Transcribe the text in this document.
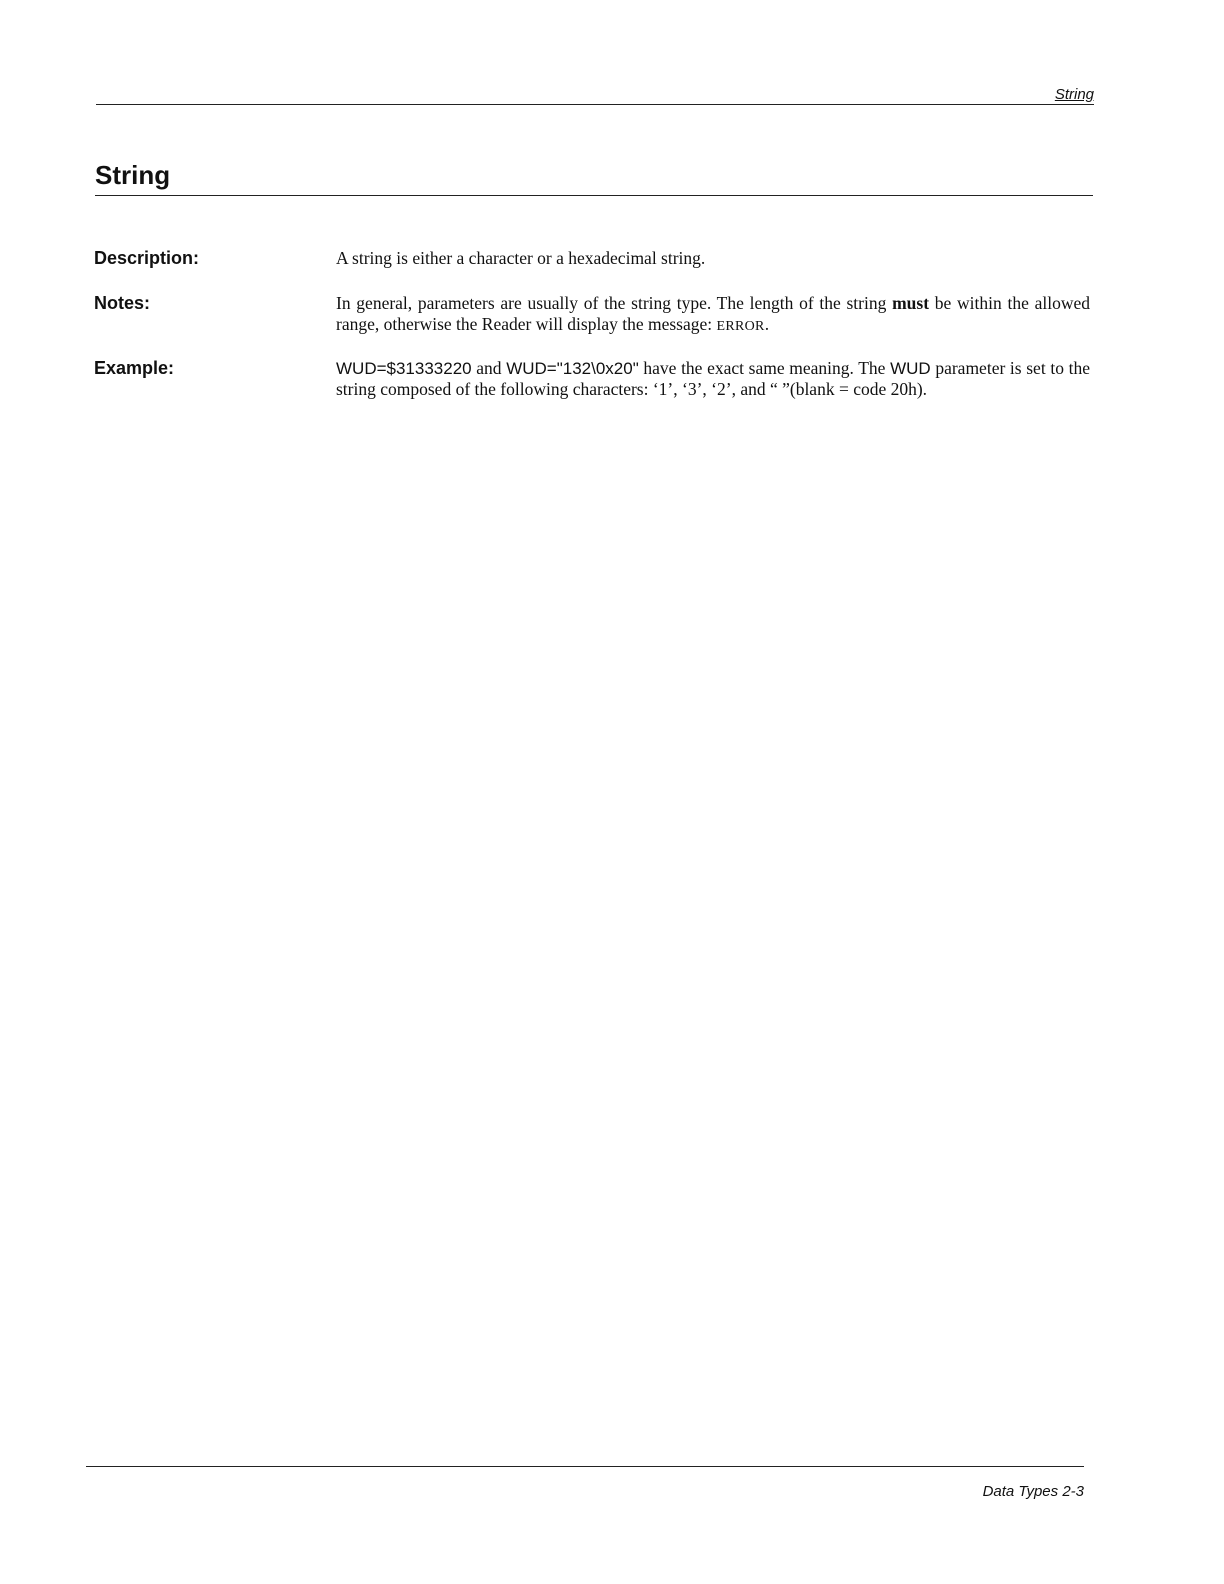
String
String
Description:	A string is either a character or a hexadecimal string.
Notes:	In general, parameters are usually of the string type. The length of the string must be within the allowed range, otherwise the Reader will display the message: ERROR.
Example:	WUD=$31333220 and WUD="132\0x20" have the exact same meaning. The WUD parameter is set to the string composed of the following characters: ‘1’, ‘3’, ‘2’, and “ ”(blank = code 20h).
Data Types 2-3
